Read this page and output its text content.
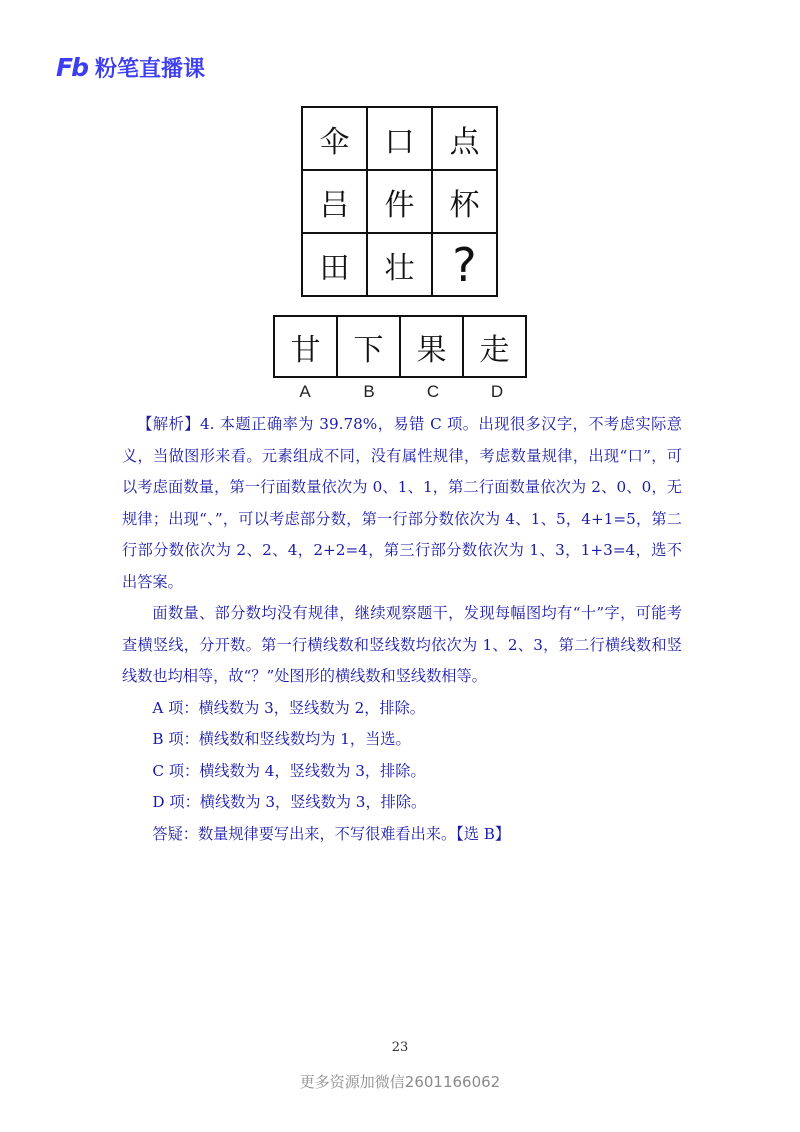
Fb 粉笔直播课
伞	口	点
吕	件	杯
田	壮	?
甘	下	果	走
A	B	C	D

【解析】4. 本题正确率为 39.78%，易错 C 项。出现很多汉字，不考虑实际意义，当做图形来看。元素组成不同，没有属性规律，考虑数量规律，出现“口”，可以考虑面数量，第一行面数量依次为 0、1、1，第二行面数量依次为 2、0、0，无规律；出现“、”，可以考虑部分数，第一行部分数依次为 4、1、5，4+1=5，第二行部分数依次为 2、2、4，2+2=4，第三行部分数依次为 1、3，1+3=4，选不出答案。

面数量、部分数均没有规律，继续观察题干，发现每幅图均有“十”字，可能考查横竖线，分开数。第一行横线数和竖线数均依次为 1、2、3，第二行横线数和竖线数也均相等，故“？”处图形的横线数和竖线数相等。

A 项：横线数为 3，竖线数为 2，排除。

B 项：横线数和竖线数均为 1，当选。

C 项：横线数为 4，竖线数为 3，排除。

D 项：横线数为 3，竖线数为 3，排除。

答疑：数量规律要写出来，不写很难看出来。【选 B】

23
更多资源加微信2601166062
